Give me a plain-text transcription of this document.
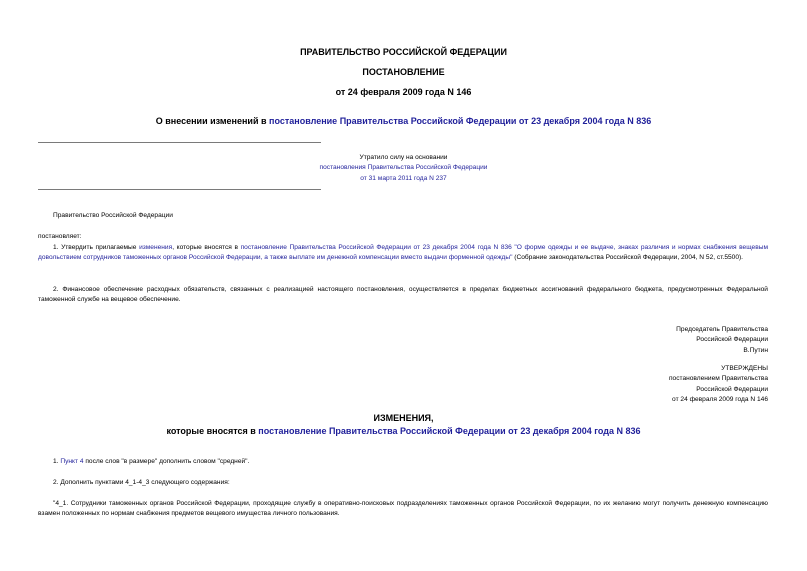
ПРАВИТЕЛЬСТВО РОССИЙСКОЙ ФЕДЕРАЦИИ
ПОСТАНОВЛЕНИЕ
от 24 февраля 2009 года N 146
О внесении изменений в постановление Правительства Российской Федерации от 23 декабря 2004 года N 836
Утратило силу на основании
постановления Правительства Российской Федерации
от 31 марта 2011 года N 237
Правительство Российской Федерации
постановляет:
1. Утвердить прилагаемые изменения, которые вносятся в постановление Правительства Российской Федерации от 23 декабря 2004 года N 836 "О форме одежды и ее выдаче, знаках различия и нормах снабжения вещевым довольствием сотрудников таможенных органов Российской Федерации, а также выплате им денежной компенсации вместо выдачи форменной одежды" (Собрание законодательства Российской Федерации, 2004, N 52, ст.5500).
2. Финансовое обеспечение расходных обязательств, связанных с реализацией настоящего постановления, осуществляется в пределах бюджетных ассигнований федерального бюджета, предусмотренных Федеральной таможенной службе на вещевое обеспечение.
Председатель Правительства
Российской Федерации
В.Путин
УТВЕРЖДЕНЫ
постановлением Правительства
Российской Федерации
от 24 февраля 2009 года N 146
ИЗМЕНЕНИЯ,
которые вносятся в постановление Правительства Российской Федерации от 23 декабря 2004 года N 836
1. Пункт 4 после слов "в размере" дополнить словом "средней".
2. Дополнить пунктами 4_1-4_3 следующего содержания:
"4_1. Сотрудники таможенных органов Российской Федерации, проходящие службу в оперативно-поисковых подразделениях таможенных органов Российской Федерации, по их желанию могут получить денежную компенсацию взамен положенных по нормам снабжения предметов вещевого имущества личного пользования.
